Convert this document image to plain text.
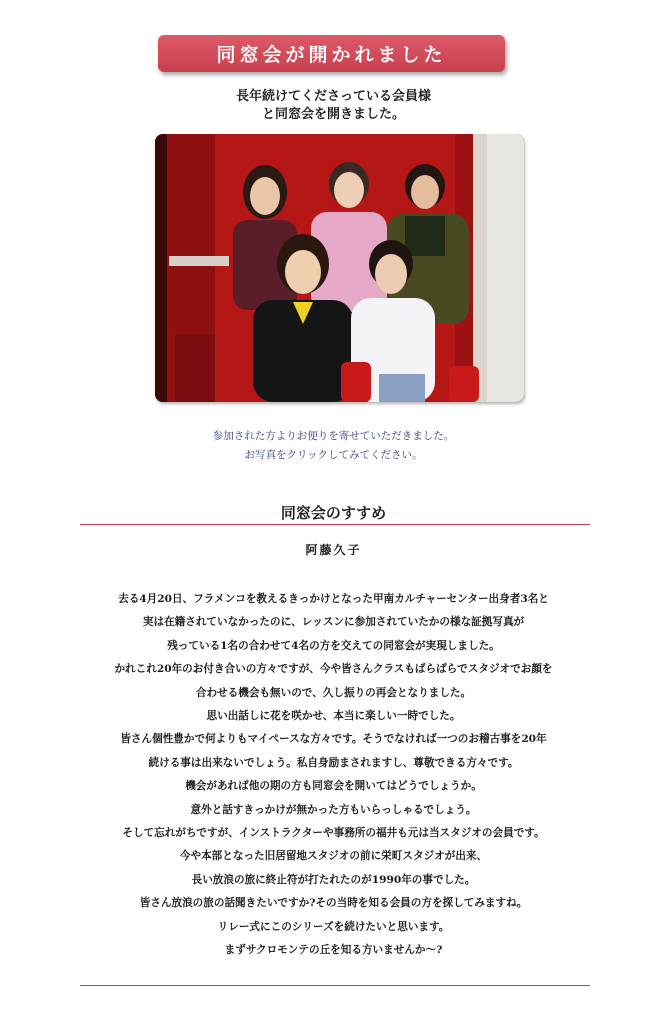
同窓会が開かれました
長年続けてくださっている会員様
と同窓会を開きました。
参加された方よりお便りを寄せていただきました。
お写真をクリックしてみてください。
同窓会のすすめ
阿藤久子
去る4月20日、フラメンコを教えるきっかけとなった甲南カルチャーセンター出身者3名と
実は在籍されていなかったのに、レッスンに参加されていたかの様な証拠写真が
残っている1名の合わせて4名の方を交えての同窓会が実現しました。
かれこれ20年のお付き合いの方々ですが、今や皆さんクラスもばらばらでスタジオでお顔を
合わせる機会も無いので、久し振りの再会となりました。
思い出話しに花を咲かせ、本当に楽しい一時でした。
皆さん個性豊かで何よりもマイペースな方々です。そうでなければ一つのお稽古事を20年
続ける事は出来ないでしょう。私自身励まされますし、尊敬できる方々です。
機会があれば他の期の方も同窓会を開いてはどうでしょうか。
意外と話すきっかけが無かった方もいらっしゃるでしょう。
そして忘れがちですが、インストラクターや事務所の福井も元は当スタジオの会員です。
今や本部となった旧居留地スタジオの前に栄町スタジオが出来、
長い放浪の旅に終止符が打たれたのが1990年の事でした。
皆さん放浪の旅の話聞きたいですか?その当時を知る会員の方を探してみますね。
リレー式にこのシリーズを続けたいと思います。
まずサクロモンテの丘を知る方いませんか～?
